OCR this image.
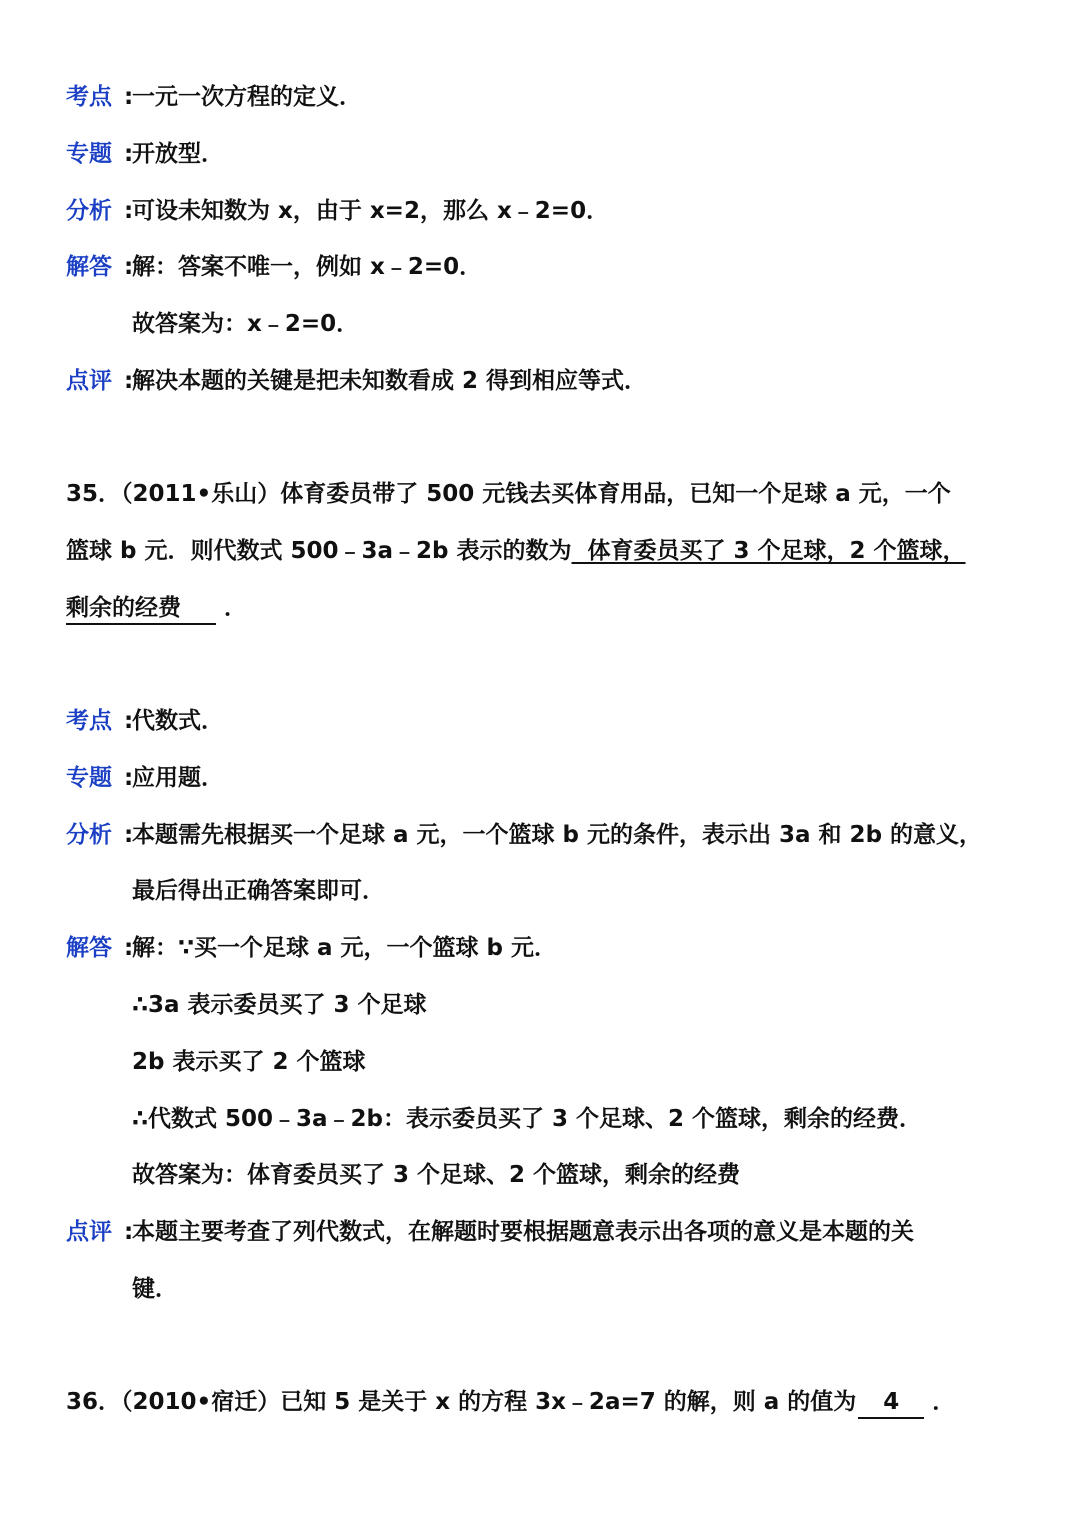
考点 :一元一次方程的定义．
专题 :开放型．
分析 :可设未知数为 x，由于 x=2，那么 x﹣2=0．
解答 :解：答案不唯一，例如 x﹣2=0．
故答案为：x﹣2=0．
点评 :解决本题的关键是把未知数看成 2 得到相应等式．
35．（2011•乐山）体育委员带了 500 元钱去买体育用品，已知一个足球 a 元，一个
篮球 b 元．则代数式 500﹣3a﹣2b 表示的数为  体育委员买了 3 个足球，2 个篮球，
剩余的经费 ．
考点 :代数式．
专题 :应用题．
分析 :本题需先根据买一个足球 a 元，一个篮球 b 元的条件，表示出 3a 和 2b 的意义，
最后得出正确答案即可．
解答 :解：∵买一个足球 a 元，一个篮球 b 元．
∴3a 表示委员买了 3 个足球
2b 表示买了 2 个篮球
∴代数式 500﹣3a﹣2b：表示委员买了 3 个足球、2 个篮球，剩余的经费．
故答案为：体育委员买了 3 个足球、2 个篮球，剩余的经费
点评 :本题主要考查了列代数式，在解题时要根据题意表示出各项的意义是本题的关
键．
36．（2010•宿迁）已知 5 是关于 x 的方程 3x﹣2a=7 的解，则 a 的值为 4 ．
